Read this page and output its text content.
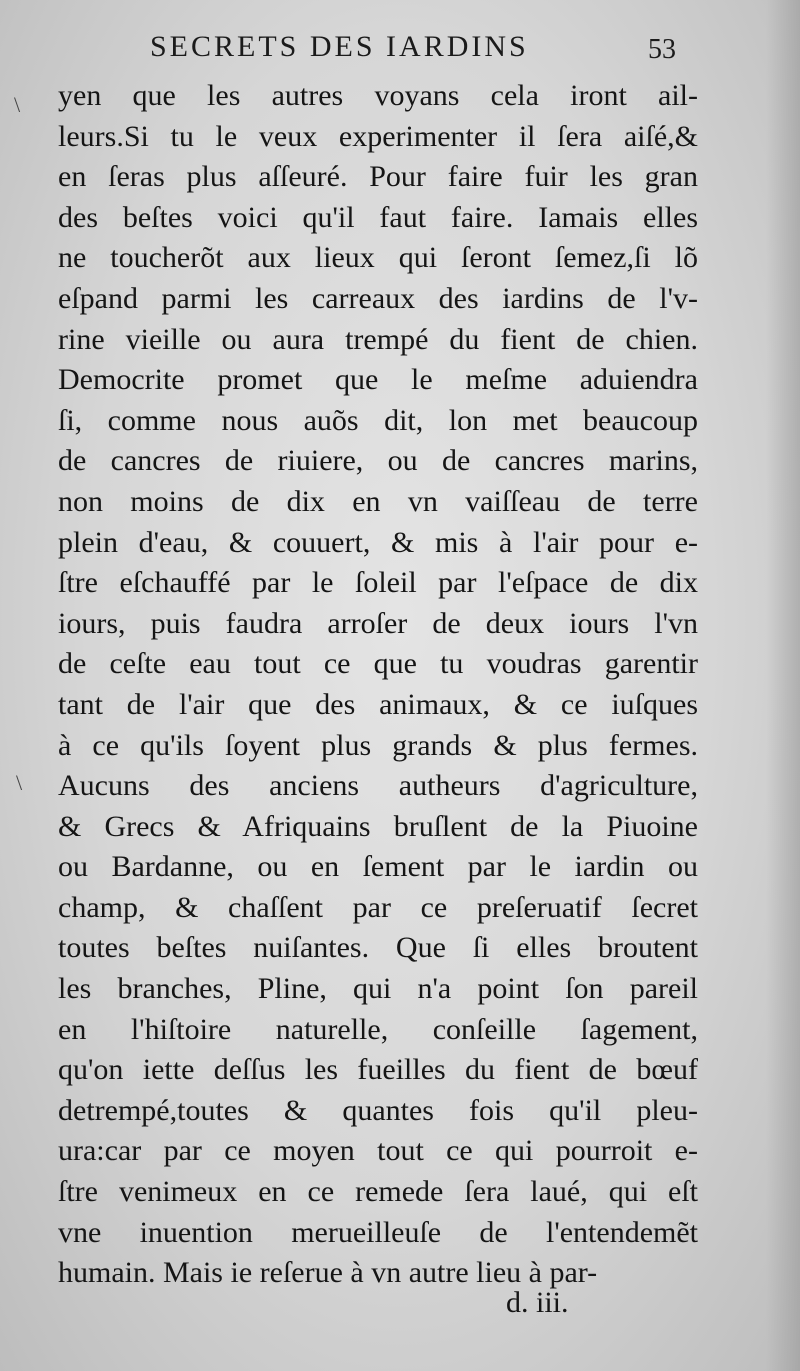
SECRETS DES IARDINS	53
\
\
yen que les autres voyans cela iront ail-
leurs.Si tu le veux experimenter il ſera aiſé,&
en ſeras plus aſſeuré. Pour faire fuir les gran
des beſtes voici qu'il faut faire. Iamais elles
ne toucherõt aux lieux qui ſeront ſemez,ſi lõ
eſpand parmi les carreaux des iardins de l'v-
rine vieille ou aura trempé du fient de chien.
Democrite promet que le meſme aduiendra
ſi, comme nous auõs dit, lon met beaucoup
de cancres de riuiere, ou de cancres marins,
non moins de dix en vn vaiſſeau de terre
plein d'eau, & couuert, & mis à l'air pour e-
ſtre eſchauffé par le ſoleil par l'eſpace de dix
iours, puis faudra arroſer de deux iours l'vn
de ceſte eau tout ce que tu voudras garentir
tant de l'air que des animaux, & ce iuſques
à ce qu'ils ſoyent plus grands & plus fermes.
Aucuns des anciens autheurs d'agriculture,
& Grecs & Afriquains bruſlent de la Piuoine
ou Bardanne, ou en ſement par le iardin ou
champ, & chaſſent par ce preſeruatif ſecret
toutes beſtes nuiſantes. Que ſi elles broutent
les branches, Pline, qui n'a point ſon pareil
en l'hiſtoire naturelle, conſeille ſagement,
qu'on iette deſſus les fueilles du fient de bœuf
detrempé,toutes & quantes fois qu'il pleu-
ura:car par ce moyen tout ce qui pourroit e-
ſtre venimeux en ce remede ſera laué, qui eſt
vne inuention merueilleuſe de l'entendemẽt
humain. Mais ie reſerue à vn autre lieu à par-
d. iii.
